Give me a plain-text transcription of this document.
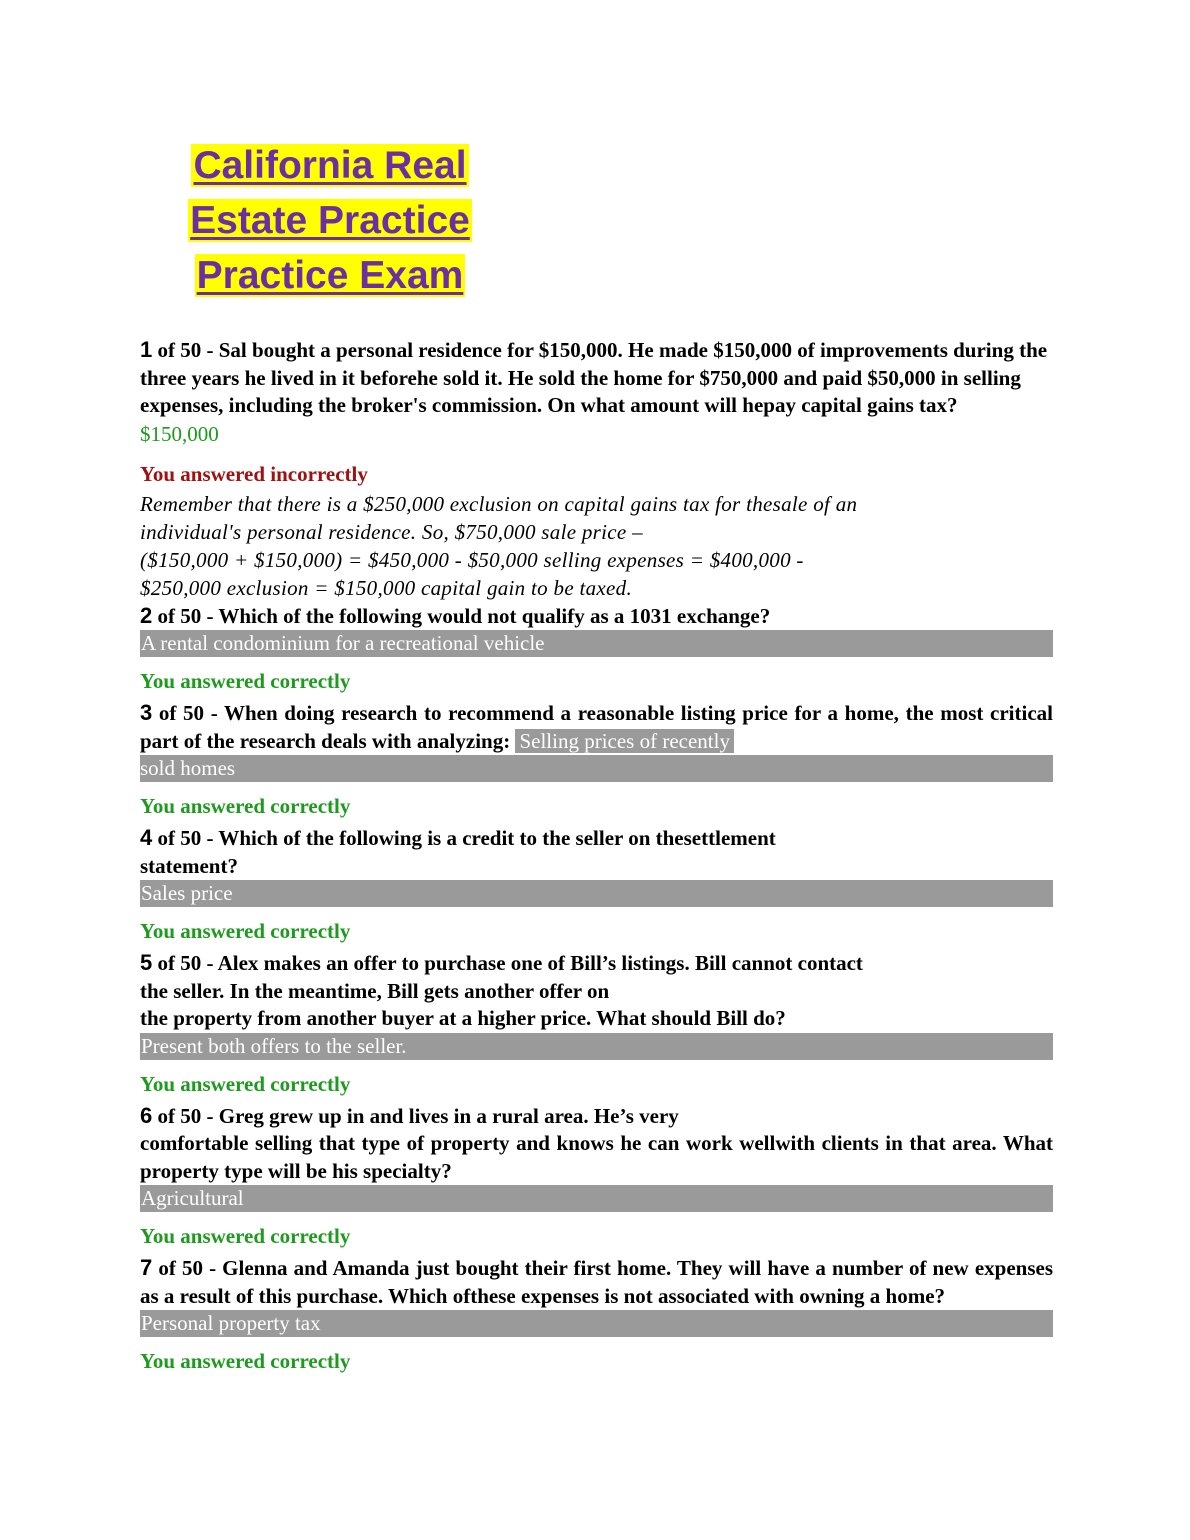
California Real
Estate Practice
Practice Exam

1 of 50 - Sal bought a personal residence for $150,000. He made $150,000 of improvements during the three years he lived in it beforehe sold it. He sold the home for $750,000 and paid $50,000 in selling expenses, including the broker's commission. On what amount will hepay capital gains tax?

$150,000

You answered incorrectly

Remember that there is a $250,000 exclusion on capital gains tax for thesale of an

individual's personal residence. So, $750,000 sale price –

($150,000 + $150,000) = $450,000 - $50,000 selling expenses = $400,000 -

$250,000 exclusion = $150,000 capital gain to be taxed.

2 of 50 - Which of the following would not qualify as a 1031 exchange?

A rental condominium for a recreational vehicle

You answered correctly

3 of 50 - When doing research to recommend a reasonable listing price for a home, the most critical part of the research deals with analyzing: Selling prices of recently

sold homes

You answered correctly

4 of 50 - Which of the following is a credit to the seller on thesettlement
statement?

Sales price

You answered correctly

5 of 50 - Alex makes an offer to purchase one of Bill’s listings. Bill cannot contact
the seller. In the meantime, Bill gets another offer on
the property from another buyer at a higher price. What should Bill do?

Present both offers to the seller.

You answered correctly

6 of 50 - Greg grew up in and lives in a rural area. He’s very
comfortable selling that type of property and knows he can work wellwith clients in that area. What property type will be his specialty?

Agricultural

You answered correctly

7 of 50 - Glenna and Amanda just bought their first home. They will have a number of new expenses as a result of this purchase. Which ofthese expenses is not associated with owning a home?

Personal property tax

You answered correctly
